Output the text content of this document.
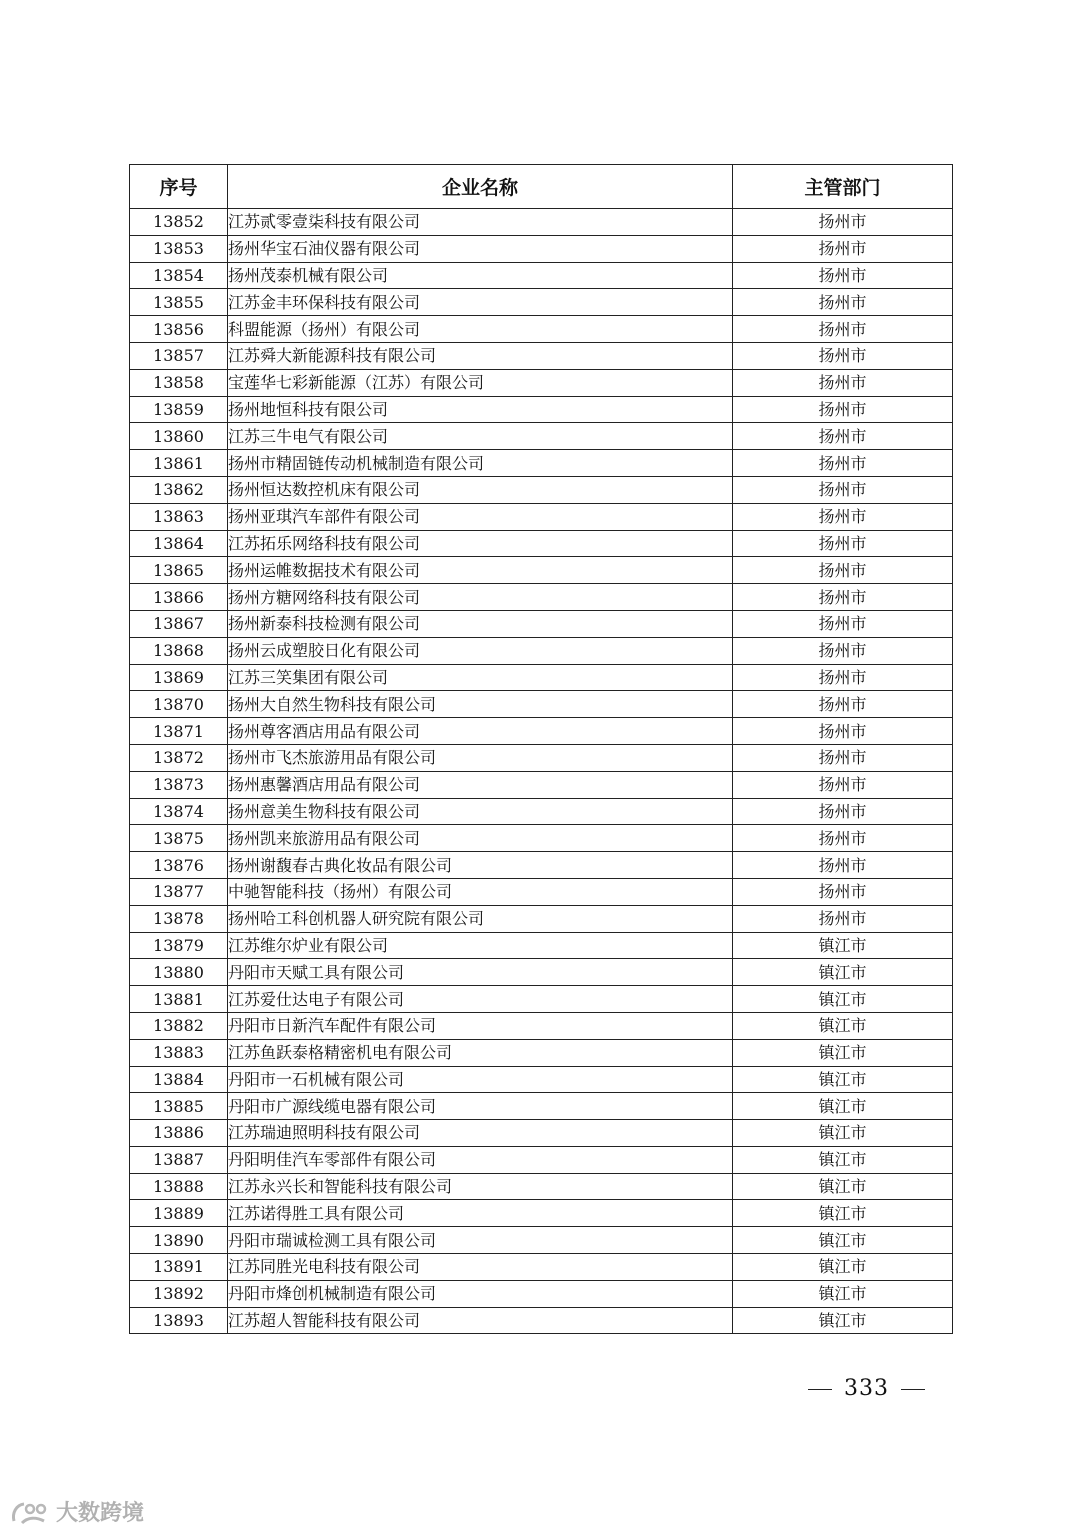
序号	企业名称	主管部门
13852	江苏贰零壹柒科技有限公司	扬州市
13853	扬州华宝石油仪器有限公司	扬州市
13854	扬州茂泰机械有限公司	扬州市
13855	江苏金丰环保科技有限公司	扬州市
13856	科盟能源（扬州）有限公司	扬州市
13857	江苏舜大新能源科技有限公司	扬州市
13858	宝莲华七彩新能源（江苏）有限公司	扬州市
13859	扬州地恒科技有限公司	扬州市
13860	江苏三牛电气有限公司	扬州市
13861	扬州市精固链传动机械制造有限公司	扬州市
13862	扬州恒达数控机床有限公司	扬州市
13863	扬州亚琪汽车部件有限公司	扬州市
13864	江苏拓乐网络科技有限公司	扬州市
13865	扬州运帷数据技术有限公司	扬州市
13866	扬州方糖网络科技有限公司	扬州市
13867	扬州新泰科技检测有限公司	扬州市
13868	扬州云成塑胶日化有限公司	扬州市
13869	江苏三笑集团有限公司	扬州市
13870	扬州大自然生物科技有限公司	扬州市
13871	扬州尊客酒店用品有限公司	扬州市
13872	扬州市飞杰旅游用品有限公司	扬州市
13873	扬州惠馨酒店用品有限公司	扬州市
13874	扬州意美生物科技有限公司	扬州市
13875	扬州凯来旅游用品有限公司	扬州市
13876	扬州谢馥春古典化妆品有限公司	扬州市
13877	中驰智能科技（扬州）有限公司	扬州市
13878	扬州哈工科创机器人研究院有限公司	扬州市
13879	江苏维尔炉业有限公司	镇江市
13880	丹阳市天赋工具有限公司	镇江市
13881	江苏爱仕达电子有限公司	镇江市
13882	丹阳市日新汽车配件有限公司	镇江市
13883	江苏鱼跃泰格精密机电有限公司	镇江市
13884	丹阳市一石机械有限公司	镇江市
13885	丹阳市广源线缆电器有限公司	镇江市
13886	江苏瑞迪照明科技有限公司	镇江市
13887	丹阳明佳汽车零部件有限公司	镇江市
13888	江苏永兴长和智能科技有限公司	镇江市
13889	江苏诺得胜工具有限公司	镇江市
13890	丹阳市瑞诚检测工具有限公司	镇江市
13891	江苏同胜光电科技有限公司	镇江市
13892	丹阳市烽创机械制造有限公司	镇江市
13893	江苏超人智能科技有限公司	镇江市
333
大数跨境
